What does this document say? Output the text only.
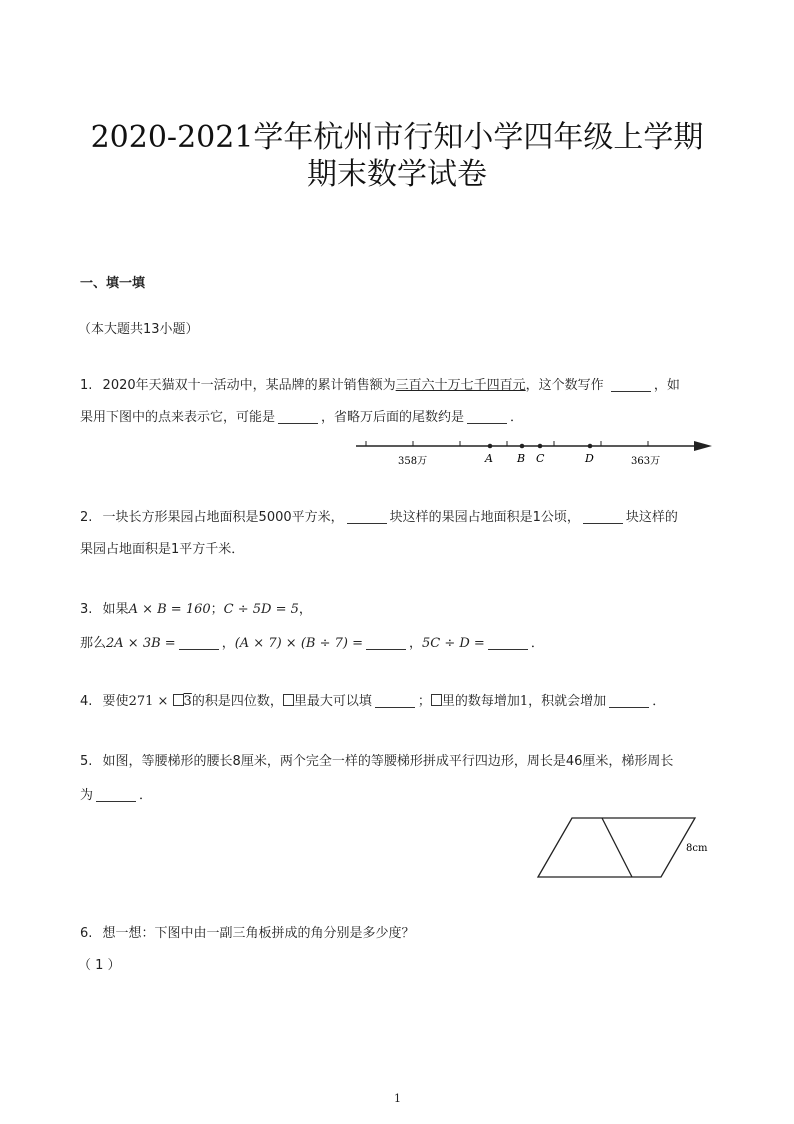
2020-2021学年杭州市行知小学四年级上学期
期末数学试卷
一、填一填
（本大题共13小题）
1. 2020年天猫双十一活动中，某品牌的累计销售额为三百六十万七千四百元，这个数写作	，如
果用下图中的点来表示它，可能是	，省略万后面的尾数约是	．
358万	363万
A B C	D
2. 一块长方形果园占地面积是5000平方米，	块这样的果园占地面积是1公顷，	块这样的
果园占地面积是1平方千米．
3. 如果A × B = 160；C ÷ 5D = 5，
那么2A × 3B =	，(A × 7) × (B ÷ 7) =	，5C ÷ D =	．
4. 要使271 × 3的积是四位数， 里最大可以填	； 里的数每增加1，积就会增加	．
5. 如图，等腰梯形的腰长8厘米，两个完全一样的等腰梯形拼成平行四边形，周长是46厘米，梯形周长
为	．
8cm
6. 想一想：下图中由一副三角板拼成的角分别是多少度？
（ 1 ）
1
